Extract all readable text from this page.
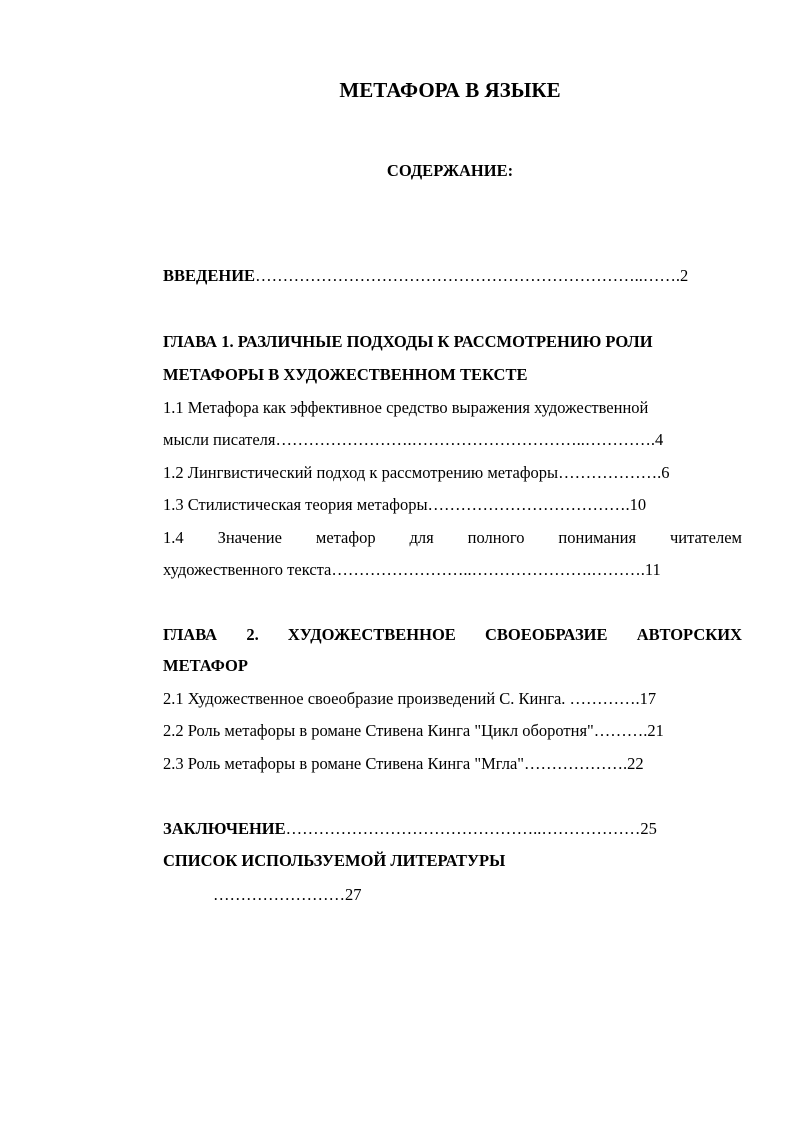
МЕТАФОРА В ЯЗЫКЕ
СОДЕРЖАНИЕ:
ВВЕДЕНИЕ……………………………………………………………..…….2
ГЛАВА 1. РАЗЛИЧНЫЕ ПОДХОДЫ К РАССМОТРЕНИЮ РОЛИ
МЕТАФОРЫ В ХУДОЖЕСТВЕННОМ ТЕКСТЕ
1.1 Метафора как эффективное средство выражения художественной
мысли писателя…………………….…………………………..………….4
1.2 Лингвистический подход к рассмотрению метафоры……………….6
1.3 Стилистическая теория метафоры……………………………….10
1.4 Значение метафор для полного понимания читателем
художественного текста……………………..………………….……….11
ГЛАВА 2. ХУДОЖЕСТВЕННОЕ СВОЕОБРАЗИЕ АВТОРСКИХ
МЕТАФОР
2.1 Художественное своеобразие произведений С. Кинга. ………….17
2.2 Роль метафоры в романе Стивена Кинга "Цикл оборотня"……….21
2.3 Роль метафоры в романе Стивена Кинга "Мгла"……………….22
ЗАКЛЮЧЕНИЕ………………………………………..………………25
СПИСОК ИСПОЛЬЗУЕМОЙ ЛИТЕРАТУРЫ
……………………27
